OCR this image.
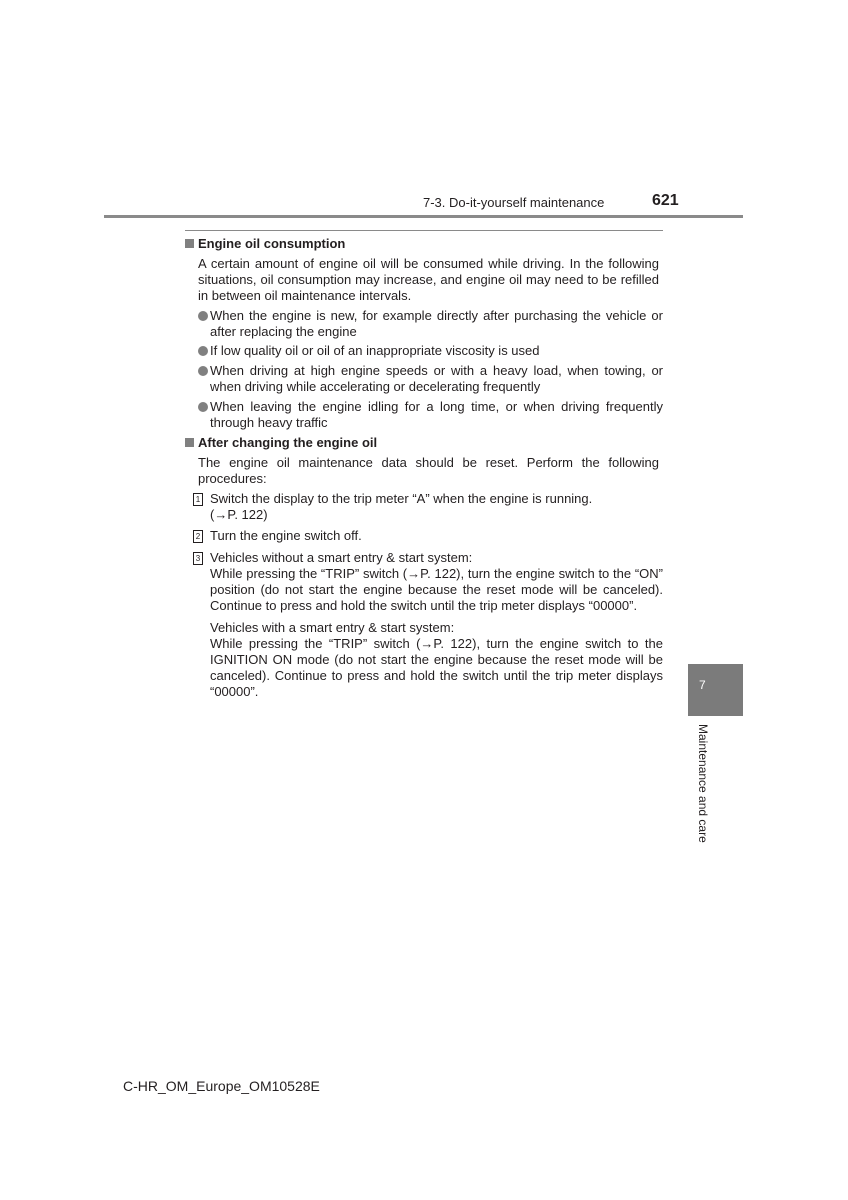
7-3. Do-it-yourself maintenance	621
Engine oil consumption

A certain amount of engine oil will be consumed while driving. In the following situations, oil consumption may increase, and engine oil may need to be refilled in between oil maintenance intervals.

When the engine is new, for example directly after purchasing the vehicle or after replacing the engine
If low quality oil or oil of an inappropriate viscosity is used
When driving at high engine speeds or with a heavy load, when towing, or when driving while accelerating or decelerating frequently
When leaving the engine idling for a long time, or when driving frequently through heavy traffic
After changing the engine oil

The engine oil maintenance data should be reset. Perform the following procedures:

1 Switch the display to the trip meter “A” when the engine is running.
(→P. 122)
2 Turn the engine switch off.
3 Vehicles without a smart entry & start system:
While pressing the “TRIP” switch (→P. 122), turn the engine switch to the “ON” position (do not start the engine because the reset mode will be canceled). Continue to press and hold the switch until the trip meter displays “00000”.
Vehicles with a smart entry & start system:
While pressing the “TRIP” switch (→P. 122), turn the engine switch to the IGNITION ON mode (do not start the engine because the reset mode will be canceled). Continue to press and hold the switch until the trip meter displays “00000”.	7
Maintenance and care
C-HR_OM_Europe_OM10528E
